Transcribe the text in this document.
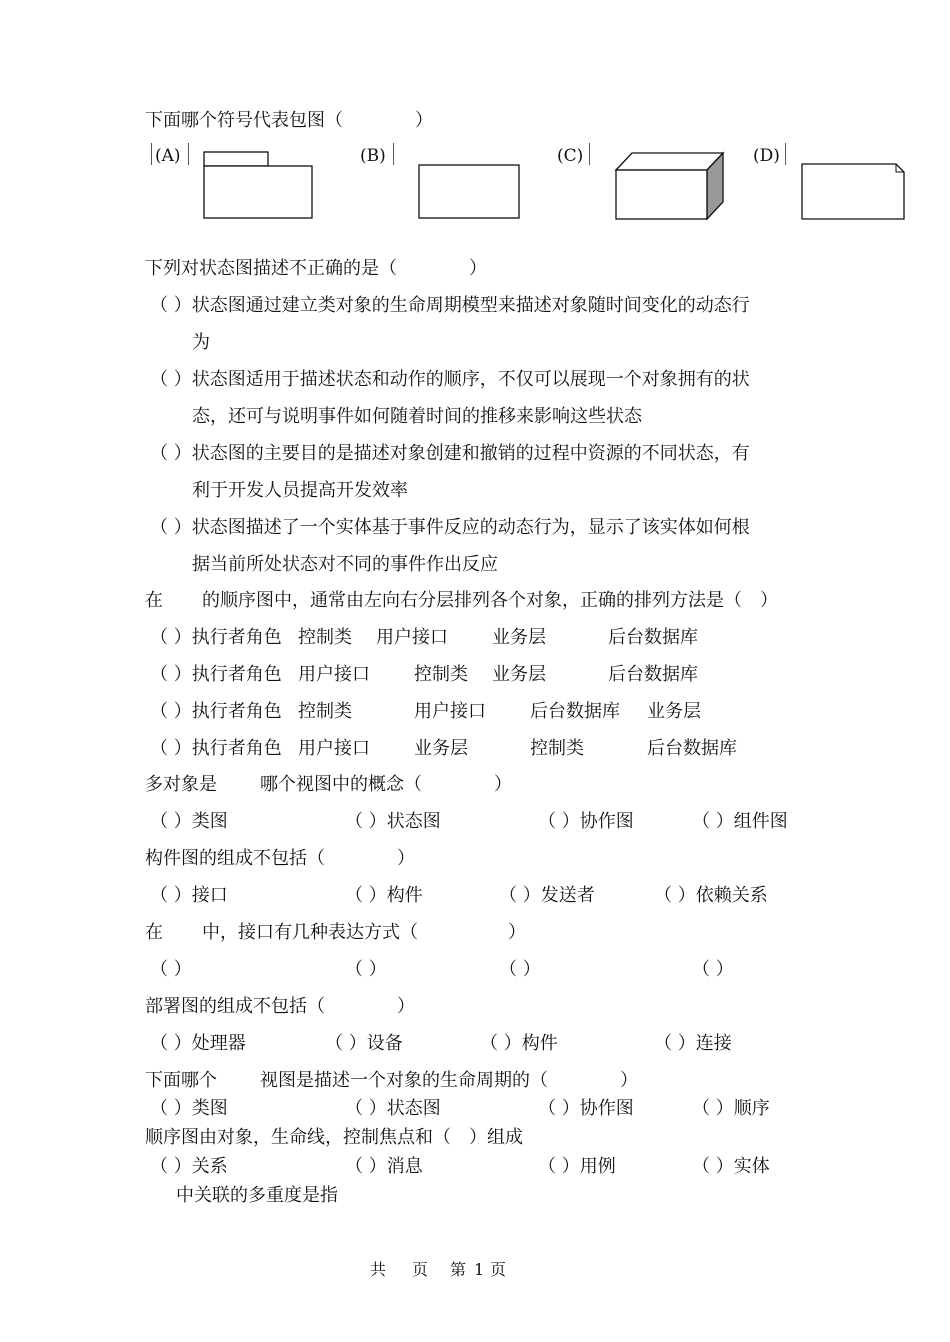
下面哪个符号代表包图（　　　　）
(A)	(B)	(C)	(D)
下列对状态图描述不正确的是（　　　　）
（ ）状态图通过建立类对象的生命周期模型来描述对象随时间变化的动态行
为
（ ）状态图适用于描述状态和动作的顺序，不仅可以展现一个对象拥有的状
态，还可与说明事件如何随着时间的推移来影响这些状态
（ ）状态图的主要目的是描述对象创建和撤销的过程中资源的不同状态，有
利于开发人员提高开发效率
（ ）状态图描述了一个实体基于事件反应的动态行为，显示了该实体如何根
据当前所处状态对不同的事件作出反应
在 的顺序图中，通常由左向右分层排列各个对象，正确的排列方法是（　）
（ ）执行者角色 控制类 用户接口 业务层	后台数据库
（ ）执行者角色 用户接口 控制类 业务层	后台数据库
（ ）执行者角色 控制类	用户接口 后台数据库 业务层
（ ）执行者角色 用户接口 业务层	控制类	后台数据库
多对象是 哪个视图中的概念（　　　　）
（ ）类图	（ ）状态图	（ ）协作图	（ ）组件图
构件图的组成不包括（　　　　）
（ ）接口	（ ）构件	（ ）发送者	（ ）依赖关系
在 中，接口有几种表达方式（　　　　　）
（ ）	（ ）	（ ）	（ ）
部署图的组成不包括（　　　　）
（ ）处理器	（ ）设备	（ ）构件	（ ）连接
下面哪个 视图是描述一个对象的生命周期的（　　　　）
（ ）类图	（ ）状态图	（ ）协作图	（ ）顺序
顺序图由对象，生命线，控制焦点和（　）组成
（ ）关系	（ ）消息	（ ）用例	（ ）实体
中关联的多重度是指
共 页 第 1 页
